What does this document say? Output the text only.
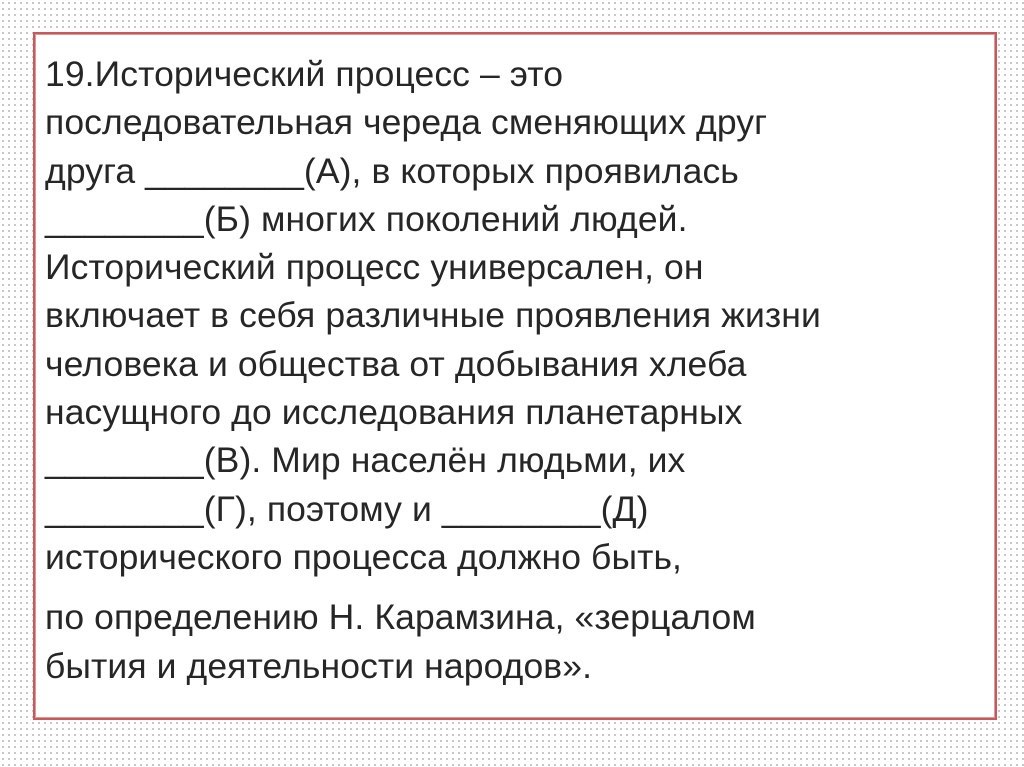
19.Исторический процесс – это
последовательная череда сменяющих друг
друга ________(А), в которых проявилась
________(Б) многих поколений людей.
Исторический процесс универсален, он
включает в себя различные проявления жизни
человека и общества от добывания хлеба
насущного до исследования планетарных
________(В). Мир населён людьми, их
________(Г), поэтому и ________(Д)
исторического процесса должно быть,
по определению Н. Карамзина, «зерцалом
бытия и деятельности народов».
